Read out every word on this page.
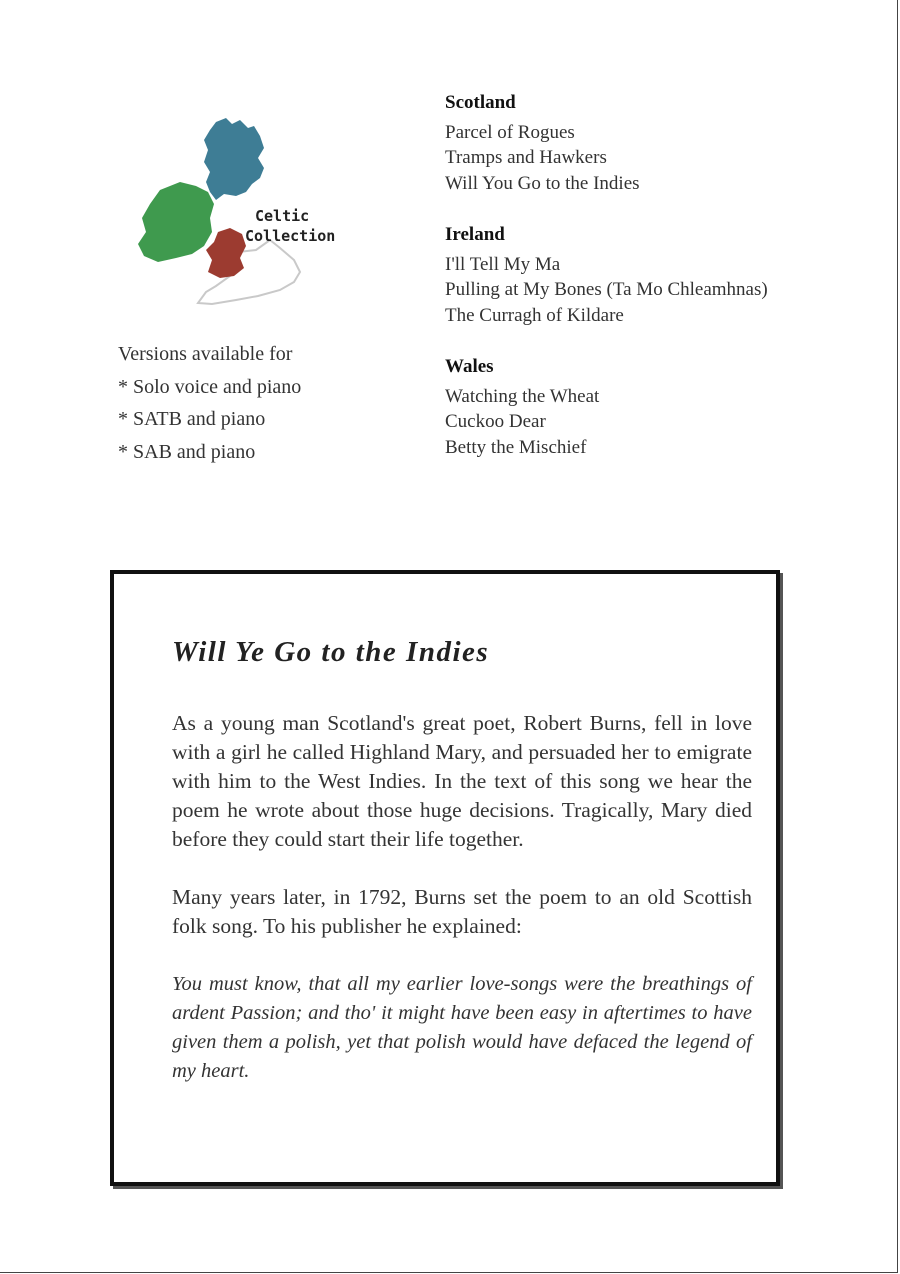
Celtic
Collection

Versions available for

* Solo voice and piano

* SATB and piano

* SAB and piano

Scotland

Parcel of Rogues
Tramps and Hawkers
Will You Go to the Indies

Ireland

I'll Tell My Ma
Pulling at My Bones (Ta Mo Chleamhnas)
The Curragh of Kildare

Wales

Watching the Wheat
Cuckoo Dear
Betty the Mischief
Will Ye Go to the Indies

As a young man Scotland's great poet, Robert Burns, fell in love with a girl he called Highland Mary, and persuaded her to emigrate with him to the West Indies. In the text of this song we hear the poem he wrote about those huge decisions. Tragically, Mary died before they could start their life together.

Many years later, in 1792, Burns set the poem to an old Scottish folk song. To his publisher he explained:

You must know, that all my earlier love-songs were the breathings of ardent Passion; and tho' it might have been easy in aftertimes to have given them a polish, yet that polish would have defaced the legend of my heart.
